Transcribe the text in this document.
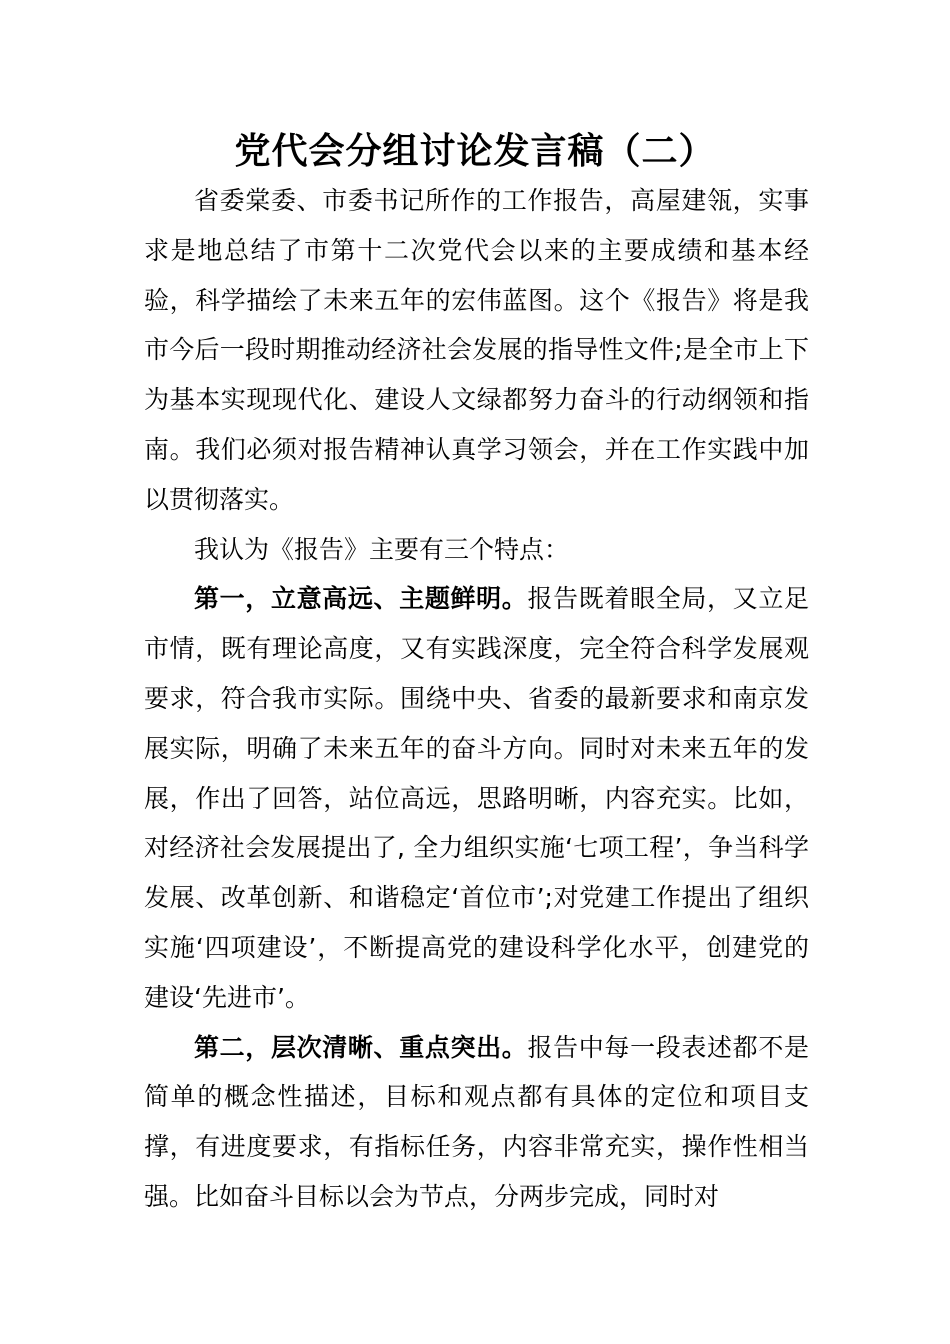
党代会分组讨论发言稿（二）

省委棠委、市委书记所作的工作报告，高屋建瓴，实事求是地总结了市第十二次党代会以来的主要成绩和基本经验，科学描绘了未来五年的宏伟蓝图。这个《报告》将是我市今后一段时期推动经济社会发展的指导性文件;是全市上下为基本实现现代化、建设人文绿都努力奋斗的行动纲领和指南。我们必须对报告精神认真学习领会，并在工作实践中加以贯彻落实。

我认为《报告》主要有三个特点：

第一，立意高远、主题鲜明。报告既着眼全局，又立足市情，既有理论高度，又有实践深度，完全符合科学发展观要求，符合我市实际。围绕中央、省委的最新要求和南京发展实际，明确了未来五年的奋斗方向。同时对未来五年的发展，作出了回答，站位高远，思路明晰，内容充实。比如，对经济社会发展提出了, 全力组织实施‘七项工程’，争当科学发展、改革创新、和谐稳定‘首位市’;对党建工作提出了组织实施‘四项建设’，不断提高党的建设科学化水平，创建党的建设‘先进市’。

第二，层次清晰、重点突出。报告中每一段表述都不是简单的概念性描述，目标和观点都有具体的定位和项目支撑，有进度要求，有指标任务，内容非常充实，操作性相当强。比如奋斗目标以会为节点，分两步完成，同时对
